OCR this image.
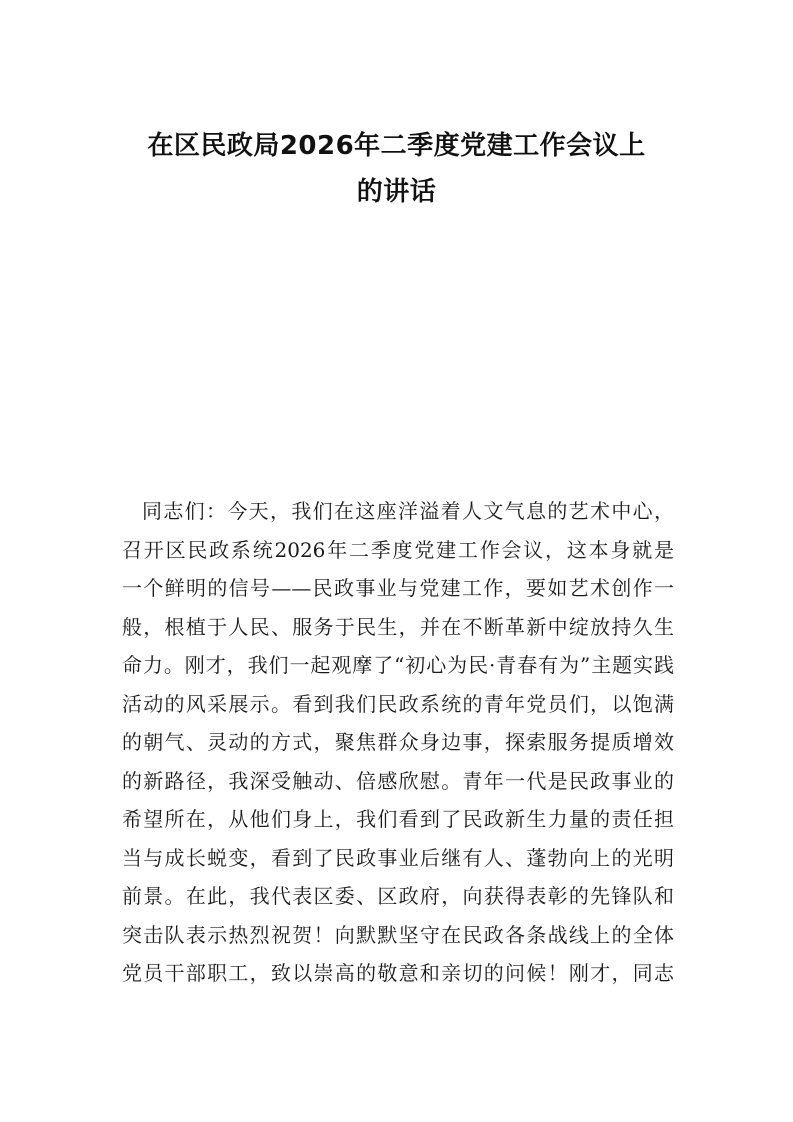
在区民政局2026年二季度党建工作会议上
的讲话
同志们：今天，我们在这座洋溢着人文气息的艺术中心，
召开区民政系统2026年二季度党建工作会议，这本身就是
一个鲜明的信号——民政事业与党建工作，要如艺术创作一
般，根植于人民、服务于民生，并在不断革新中绽放持久生
命力。刚才，我们一起观摩了“初心为民·青春有为”主题实践
活动的风采展示。看到我们民政系统的青年党员们，以饱满
的朝气、灵动的方式，聚焦群众身边事，探索服务提质增效
的新路径，我深受触动、倍感欣慰。青年一代是民政事业的
希望所在，从他们身上，我们看到了民政新生力量的责任担
当与成长蜕变，看到了民政事业后继有人、蓬勃向上的光明
前景。在此，我代表区委、区政府，向获得表彰的先锋队和
突击队表示热烈祝贺！向默默坚守在民政各条战线上的全体
党员干部职工，致以崇高的敬意和亲切的问候！刚才，同志
